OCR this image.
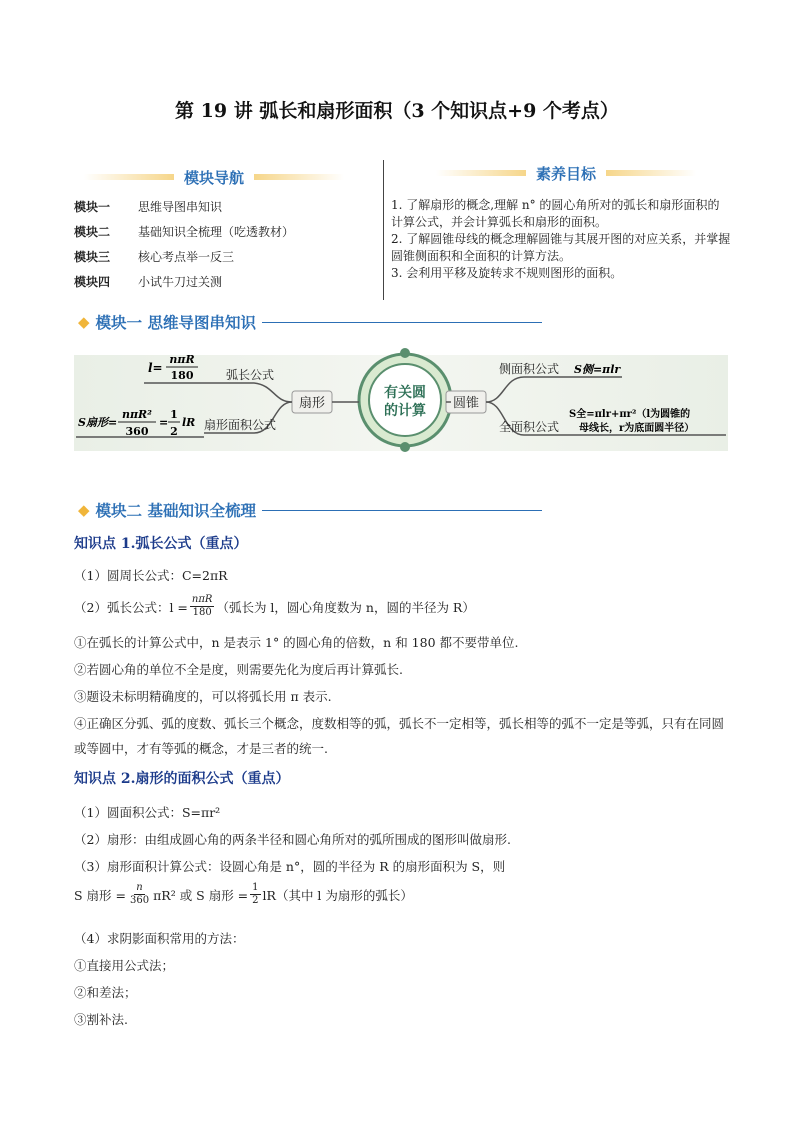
第 19 讲 弧长和扇形面积（3 个知识点+9 个考点）
模块导航
模块一	思维导图串知识
模块二	基础知识全梳理（吃透教材）
模块三	核心考点举一反三
模块四	小试牛刀过关测
素养目标

1. 了解扇形的概念,理解 n° 的圆心角所对的弧长和扇形面积的计算公式，并会计算弧长和扇形的面积。

2. 了解圆锥母线的概念理解圆锥与其展开图的对应关系，并掌握圆锥侧面积和全面积的计算方法。

3. 会利用平移及旋转求不规则图形的面积。

◆ 模块一 思维导图串知识
有关圆
的计算
扇形
弧长公式
扇形面积公式
l=
nπR
180
S扇形=
nπR²
360
=
1
2
lR
圆锥
侧面积公式
全面积公式
S侧=πlr
S全=πlr+πr²（l为圆锥的
母线长，r为底面圆半径）
◆ 模块二 基础知识全梳理
知识点 1.弧长公式（重点）
（1）圆周长公式：C=2πR
（2）弧长公式：$l = \frac{\text{nπR}}{180}$ （弧长为 l，圆心角度数为 n，圆的半径为 R）
①在弧长的计算公式中，n 是表示 1° 的圆心角的倍数，n 和 180 都不要带单位.
②若圆心角的单位不全是度，则需要先化为度后再计算弧长.
③题设未标明精确度的，可以将弧长用 π 表示.
④正确区分弧、弧的度数、弧长三个概念，度数相等的弧，弧长不一定相等，弧长相等的弧不一定是等弧，只有在同圆或等圆中，才有等弧的概念，才是三者的统一.
知识点 2.扇形的面积公式（重点）
（1）圆面积公式：S=πr²
（2）扇形：由组成圆心角的两条半径和圆心角所对的弧所围成的图形叫做扇形.
（3）扇形面积计算公式：设圆心角是 n°，圆的半径为 R 的扇形面积为 S，则
S 扇形 = $\frac{n}{360} \pi R^2$ 或 S 扇形 = $\frac{1}{2} lR$（其中 l 为扇形的弧长）
（4）求阴影面积常用的方法：
①直接用公式法；
②和差法；
③割补法.
